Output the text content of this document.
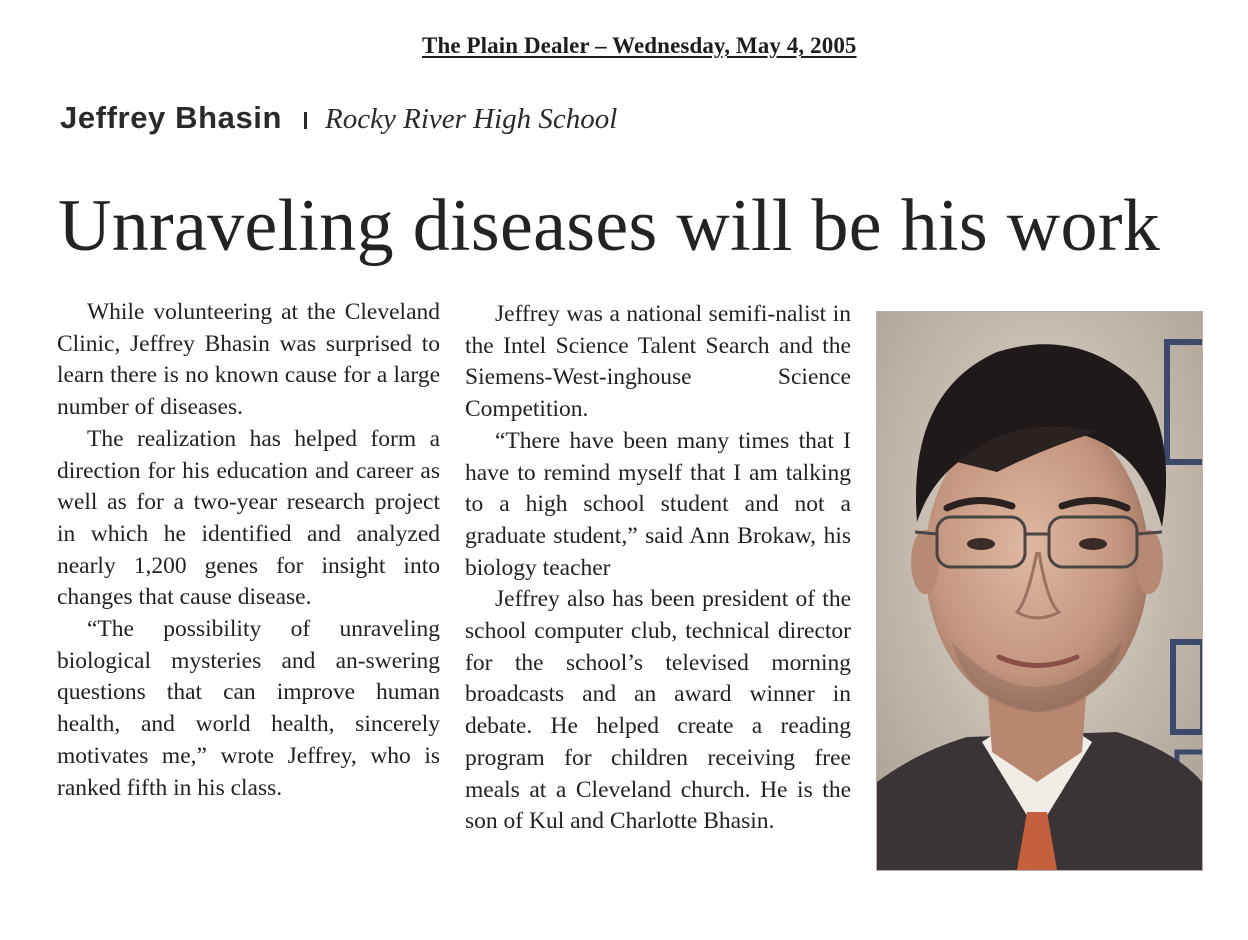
The Plain Dealer – Wednesday, May 4, 2005
Jeffrey Bhasin Rocky River High School
Unraveling diseases will be his work

While volunteering at the Cleveland Clinic, Jeffrey Bhasin was surprised to learn there is no known cause for a large number of diseases.

The realization has helped form a direction for his education and career as well as for a two-year research project in which he identified and analyzed nearly 1,200 genes for insight into changes that cause disease.

“The possibility of unraveling biological mysteries and an-swering questions that can improve human health, and world health, sincerely motivates me,” wrote Jeffrey, who is ranked fifth in his class.

Jeffrey was a national semifi-nalist in the Intel Science Talent Search and the Siemens-West-inghouse Science Competition.

“There have been many times that I have to remind myself that I am talking to a high school student and not a graduate student,” said Ann Brokaw, his biology teacher

Jeffrey also has been president of the school computer club, technical director for the school’s televised morning broadcasts and an award winner in debate. He helped create a reading program for children receiving free meals at a Cleveland church. He is the son of Kul and Charlotte Bhasin.
